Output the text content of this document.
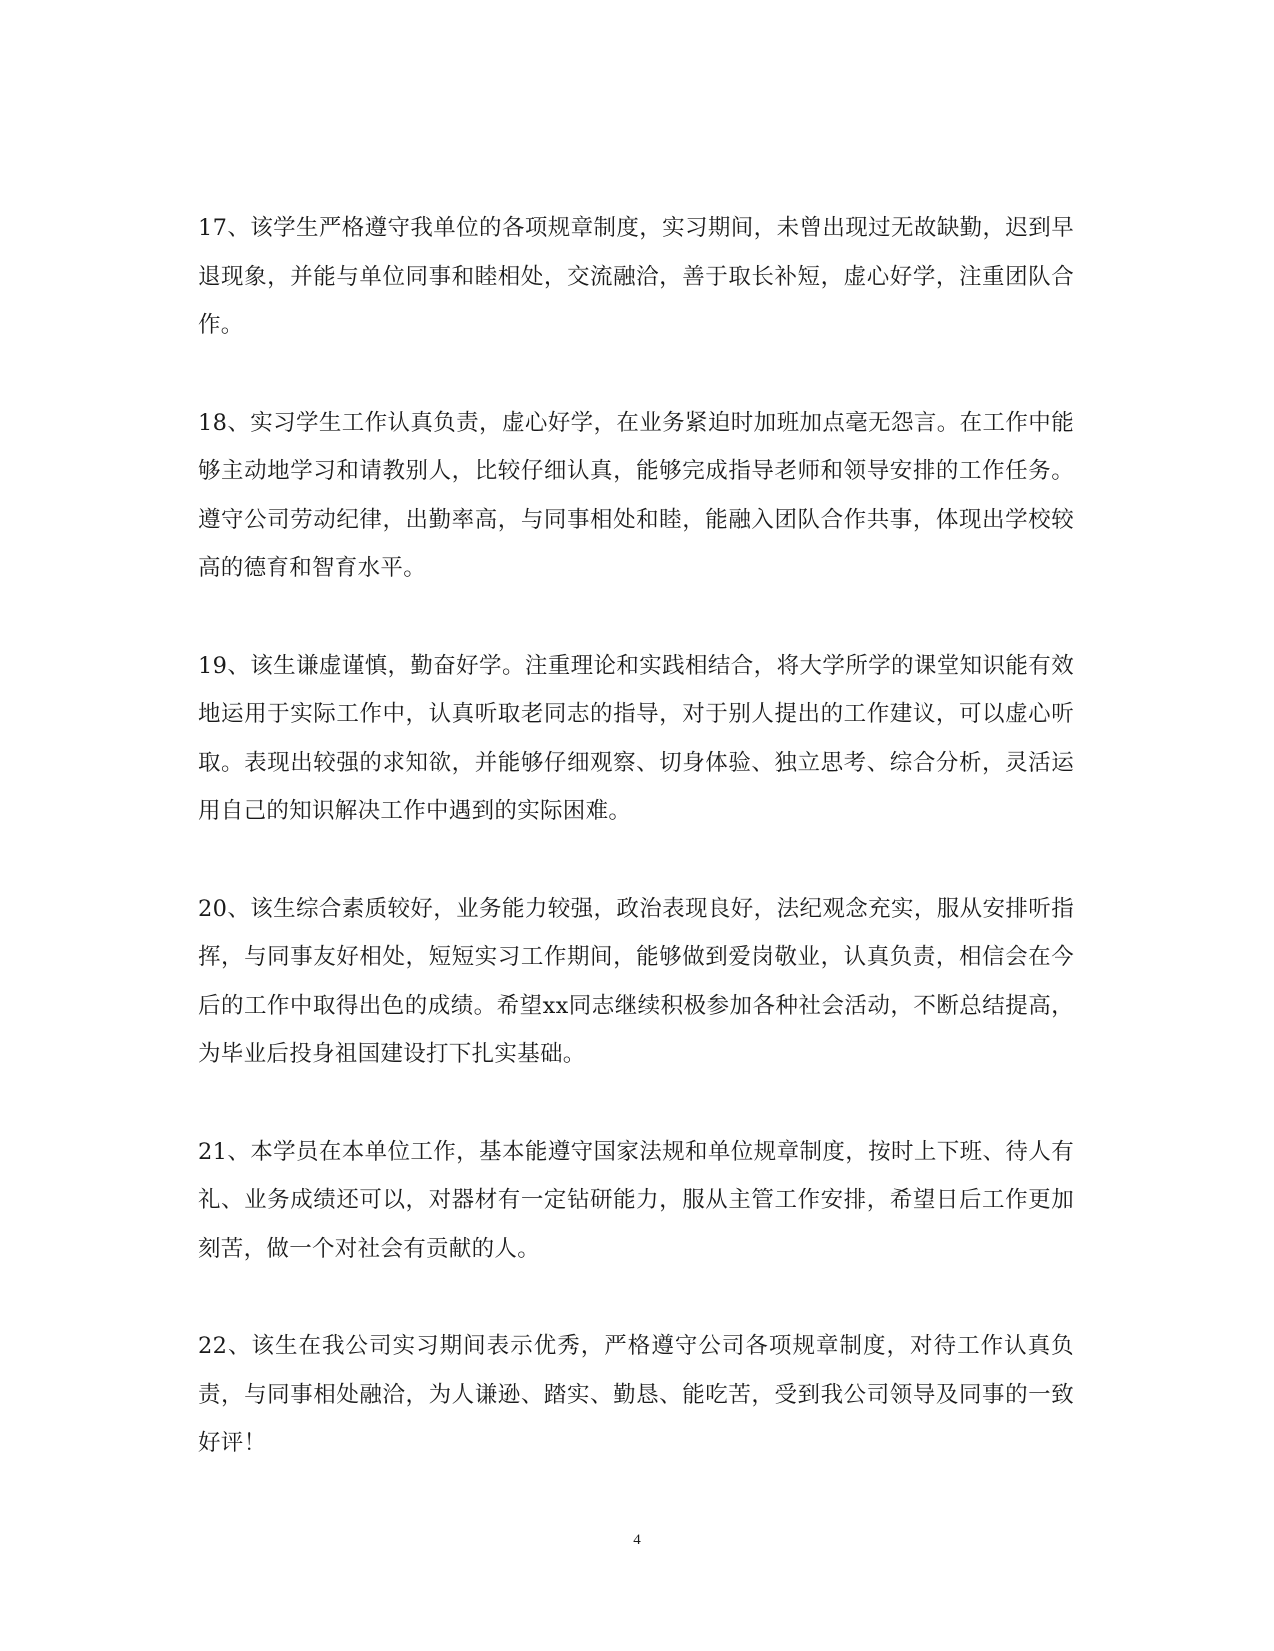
17、该学生严格遵守我单位的各项规章制度，实习期间，未曾出现过无故缺勤，迟到早退现象，并能与单位同事和睦相处，交流融洽，善于取长补短，虚心好学，注重团队合作。

18、实习学生工作认真负责，虚心好学，在业务紧迫时加班加点毫无怨言。在工作中能够主动地学习和请教别人，比较仔细认真，能够完成指导老师和领导安排的工作任务。遵守公司劳动纪律，出勤率高，与同事相处和睦，能融入团队合作共事，体现出学校较高的德育和智育水平。

19、该生谦虚谨慎，勤奋好学。注重理论和实践相结合，将大学所学的课堂知识能有效地运用于实际工作中，认真听取老同志的指导，对于别人提出的工作建议，可以虚心听取。表现出较强的求知欲，并能够仔细观察、切身体验、独立思考、综合分析，灵活运用自己的知识解决工作中遇到的实际困难。

20、该生综合素质较好，业务能力较强，政治表现良好，法纪观念充实，服从安排听指挥，与同事友好相处，短短实习工作期间，能够做到爱岗敬业，认真负责，相信会在今后的工作中取得出色的成绩。希望xx同志继续积极参加各种社会活动，不断总结提高，为毕业后投身祖国建设打下扎实基础。

21、本学员在本单位工作，基本能遵守国家法规和单位规章制度，按时上下班、待人有礼、业务成绩还可以，对器材有一定钻研能力，服从主管工作安排，希望日后工作更加刻苦，做一个对社会有贡献的人。

22、该生在我公司实习期间表示优秀，严格遵守公司各项规章制度，对待工作认真负责，与同事相处融洽，为人谦逊、踏实、勤恳、能吃苦，受到我公司领导及同事的一致好评！

4
